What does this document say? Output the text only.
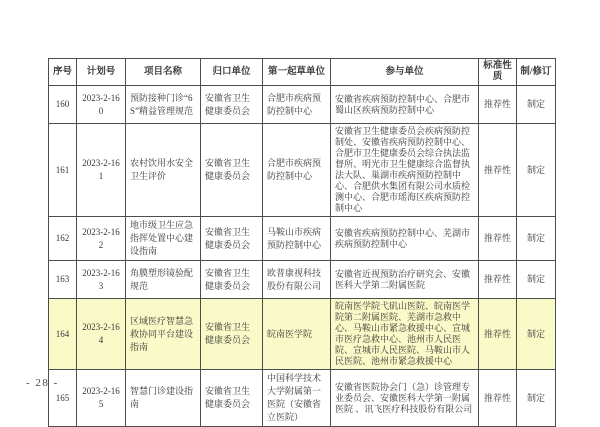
序号	计划号	项目名称	归口单位	第一起草单位	参与单位	标准性质	制/修订
160	2023-2-160	预防接种门诊“6S”精益管理规范	安徽省卫生健康委员会	合肥市疾病预防控制中心	安徽省疾病预防控制中心、合肥市蜀山区疾病预防控制中心	推荐性	制定
161	2023-2-161	农村饮用水安全卫生评价	安徽省卫生健康委员会	合肥市疾病预防控制中心	安徽省卫生健康委员会疾病预防控制处、安徽省疾病预防控制中心、合肥市卫生健康委员会综合执法监督所、明光市卫生健康综合监督执法大队、巢湖市疾病预防控制中心、合肥供水集团有限公司水质检测中心、合肥市瑶海区疾病预防控制中心	推荐性	制定
162	2023-2-162	地市级卫生应急指挥处置中心建设指南	安徽省卫生健康委员会	马鞍山市疾病预防控制中心	安徽省疾病预防控制中心、芜湖市疾病预防控制中心	推荐性	制定
163	2023-2-163	角膜塑形镜验配规范	安徽省卫生健康委员会	欧普康视科技股份有限公司	安徽省近视预防治疗研究会、安徽医科大学第二附属医院	推荐性	制定
164	2023-2-164	区域医疗智慧急救协同平台建设指南	安徽省卫生健康委员会	皖南医学院	皖南医学院弋矶山医院、皖南医学院第二附属医院、芜湖市急救中心、马鞍山市紧急救援中心、宣城市医疗急救中心、池州市人民医院、宣城市人民医院、马鞍山市人民医院、池州市紧急救援中心	推荐性	制定
165	2023-2-165	智慧门诊建设指南	安徽省卫生健康委员会	中国科学技术大学附属第一医院（安徽省立医院）	安徽省医院协会门（急）诊管理专业委员会、安徽医科大学第一附属医院 、讯飞医疗科技股份有限公司	推荐性	制定
- 28 -
